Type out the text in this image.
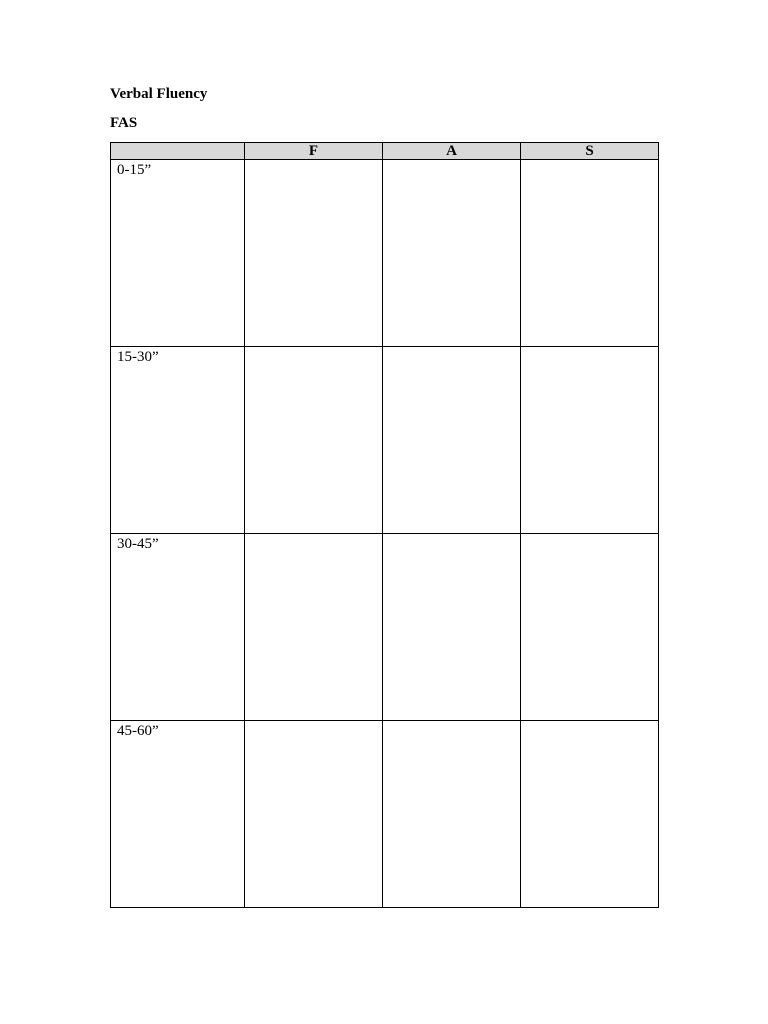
Verbal Fluency
FAS
	F	A	S
0-15”			
15-30”			
30-45”			
45-60”			
